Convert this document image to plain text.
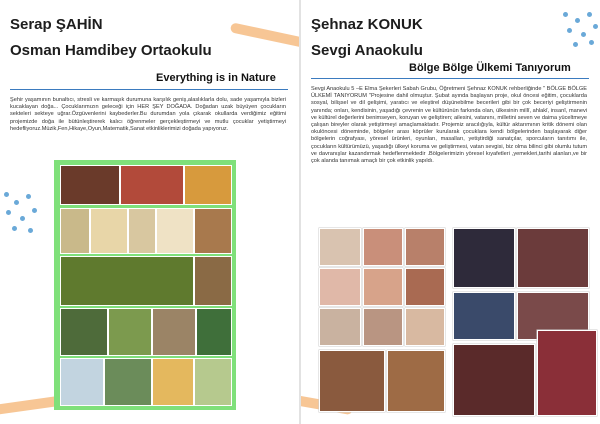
Serap ŞAHİN
Osman Hamdibey Ortaokulu
Everything is in Nature
Şehir yaşamının bunaltıcı, stresli ve karmaşık durumuna karşılık geniş,alaslıklarla dolu, sade yaşamıyla bizleri kucaklayan doğa... Çocuklarımızın geleceği için HER ŞEY DOĞADA. Doğadan uzak büyüyen çocukların sekteleri sekteye uğrar.Özgüvenlerini kaybederler.Bu durumdan yola çıkarak okullarda verdiğimiz eğitimi projemizde doğa ile bütünleştirerek kalıcı öğrenmeler gerçekleştirmeyi ve mutlu çocuklar yetiştirmeyi hedefliyoruz.Müzik,Fen,Hikaye,Oyun,Matematik,Sanat etkinliklerimizi doğada yapıyoruz.
Şehnaz KONUK
Sevgi Anaokulu
Bölge Bölge Ülkemi Tanıyorum
Sevgi Anaokulu 5 –E Elma Şekerleri Sabah Grubu, Öğretmeni Şehnaz KONUK rehberliğinde " BÖLGE BÖLGE ÜLKEMİ TANIYORUM "Projesine dahil olmuştur. Şubat ayında başlayan proje, okul öncesi eğitim, çocuklarda sosyal, bilişsel ve dil gelişimi, yaratıcı ve eleştirel düşünebilme becerileri gibi bir çok beceriyi geliştirmenin yanında; onları, kendisinin, yaşadığı çevrenin ve kültürünün farkında olan, ülkesinin millî, ahlakî, insanî, manevi ve kültürel değerlerini benimseyen, koruyan ve geliştiren; ailesini, vatanını, milletini seven ve daima yüceltmeye çalışan bireyler olarak yetiştirmeyi amaçlamaktadır. Projemiz aracılığıyla, kültür aktarımının kritik dönemi olan okulöncesi döneminde, bölgeler arası köprüler kurularak çocuklara kendi bölgelerinden başlayarak diğer bölgelerin coğrafyası, yöresel ürünleri, oyunları, masalları, yetiştirdiği sanatçılar, sporcuların tanıtımı ile, çocukların kültürümüzü, yaşadığı ülkeyi koruma ve geliştirmesi, vatan sevgisi, biz olma bilinci gibi olumlu tutum ve davranışlar kazandırmak hedeflenmektedir .Bölgelerimizin yöresel kıyafetleri ,yemekleri,tarihi alanları,ve bir çok alanda tanımak amaçlı bir çok etkinlik yapıldı.
